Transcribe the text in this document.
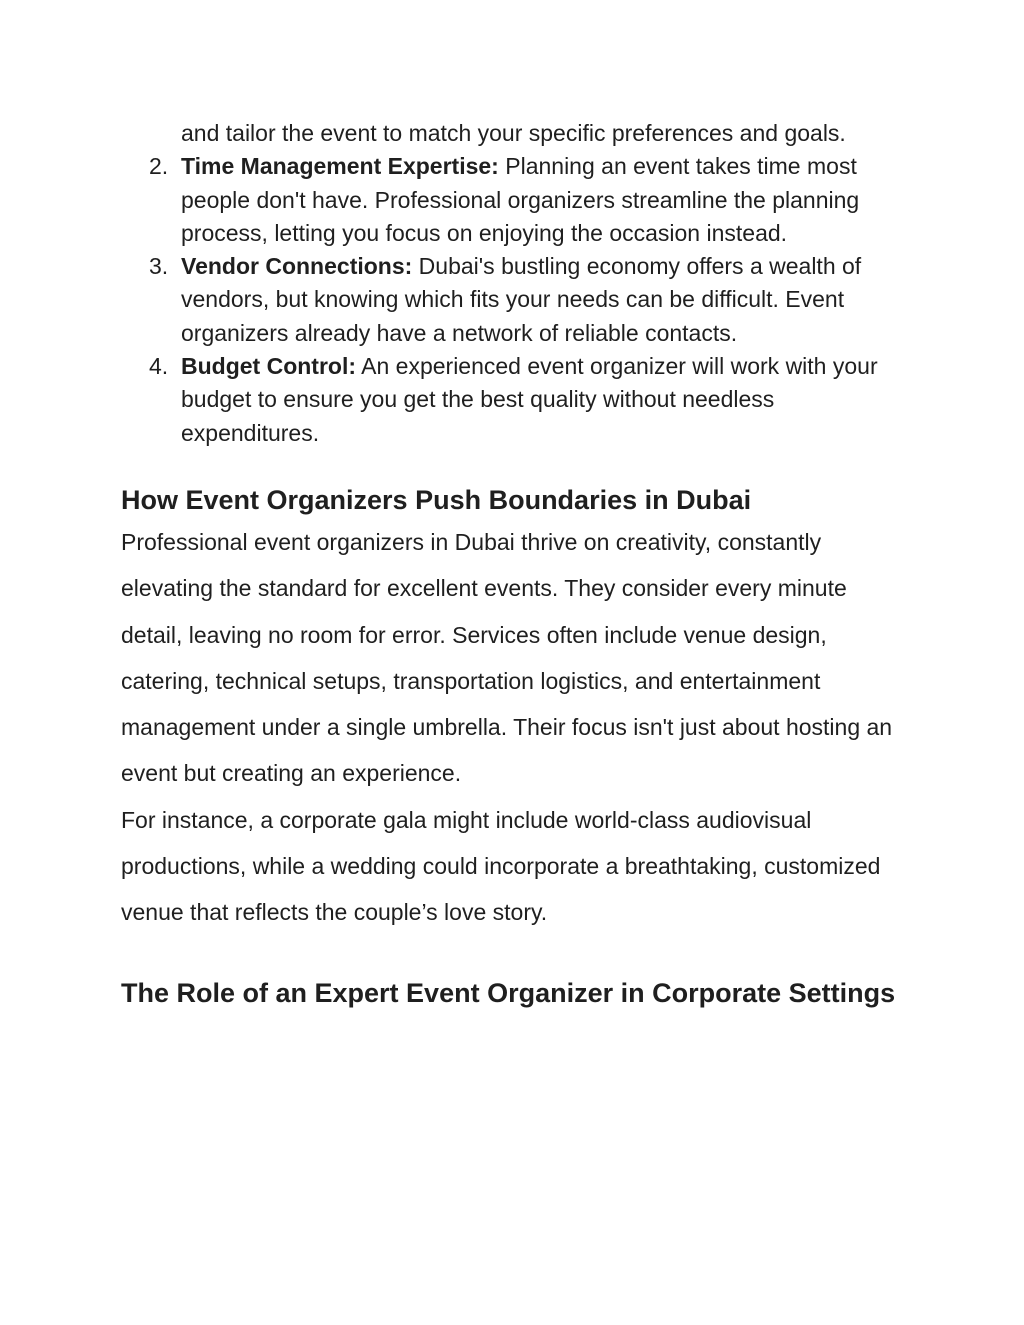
and tailor the event to match your specific preferences and goals.
2. Time Management Expertise: Planning an event takes time most people don't have. Professional organizers streamline the planning process, letting you focus on enjoying the occasion instead.
3. Vendor Connections: Dubai's bustling economy offers a wealth of vendors, but knowing which fits your needs can be difficult. Event organizers already have a network of reliable contacts.
4. Budget Control: An experienced event organizer will work with your budget to ensure you get the best quality without needless expenditures.
How Event Organizers Push Boundaries in Dubai

Professional event organizers in Dubai thrive on creativity, constantly elevating the standard for excellent events. They consider every minute detail, leaving no room for error. Services often include venue design, catering, technical setups, transportation logistics, and entertainment management under a single umbrella. Their focus isn't just about hosting an event but creating an experience.

For instance, a corporate gala might include world-class audiovisual productions, while a wedding could incorporate a breathtaking, customized venue that reflects the couple’s love story.

The Role of an Expert Event Organizer in Corporate Settings
